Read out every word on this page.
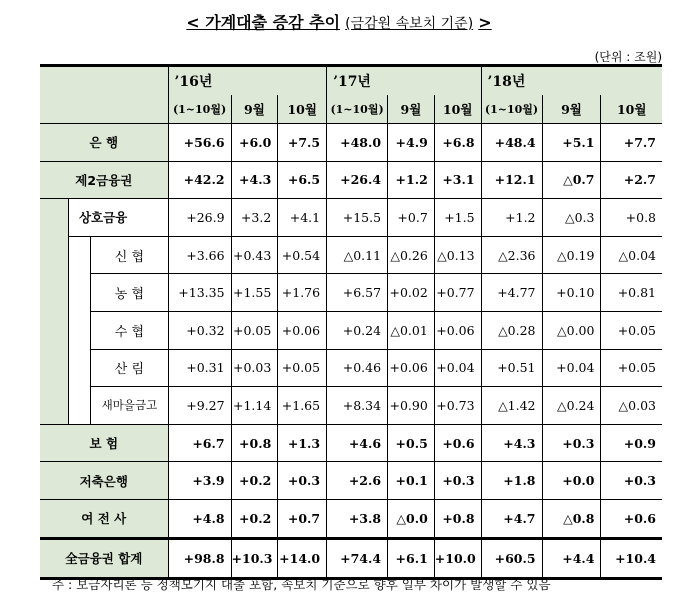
< 가계대출 증감 추이 (금감원 속보치 기준) >
(단위 : 조원)
			’16년			’17년			’18년		
			(1~10월)	9월	10월	(1~10월)	9월	10월	(1~10월)	9월	10월
은 행			+56.6	+6.0	+7.5	+48.0	+4.9	+6.8	+48.4	+5.1	+7.7
제2금융권			+42.2	+4.3	+6.5	+26.4	+1.2	+3.1	+12.1	△0.7	+2.7
	상호금융		+26.9	+3.2	+4.1	+15.5	+0.7	+1.5	+1.2	△0.3	+0.8
		신 협	+3.66	+0.43	+0.54	△0.11	△0.26	△0.13	△2.36	△0.19	△0.04
		농 협	+13.35	+1.55	+1.76	+6.57	+0.02	+0.77	+4.77	+0.10	+0.81
		수 협	+0.32	+0.05	+0.06	+0.24	△0.01	+0.06	△0.28	△0.00	+0.05
		산 림	+0.31	+0.03	+0.05	+0.46	+0.06	+0.04	+0.51	+0.04	+0.05
		새마을금고	+9.27	+1.14	+1.65	+8.34	+0.90	+0.73	△1.42	△0.24	△0.03
보 험			+6.7	+0.8	+1.3	+4.6	+0.5	+0.6	+4.3	+0.3	+0.9
저축은행			+3.9	+0.2	+0.3	+2.6	+0.1	+0.3	+1.8	+0.0	+0.3
여 전 사			+4.8	+0.2	+0.7	+3.8	△0.0	+0.8	+4.7	△0.8	+0.6
全금융권 합계			+98.8	+10.3	+14.0	+74.4	+6.1	+10.0	+60.5	+4.4	+10.4
주 : 보금자리론 등 정책모기지 대출 포함, 속보치 기준으로 향후 일부 차이가 발생할 수 있음
